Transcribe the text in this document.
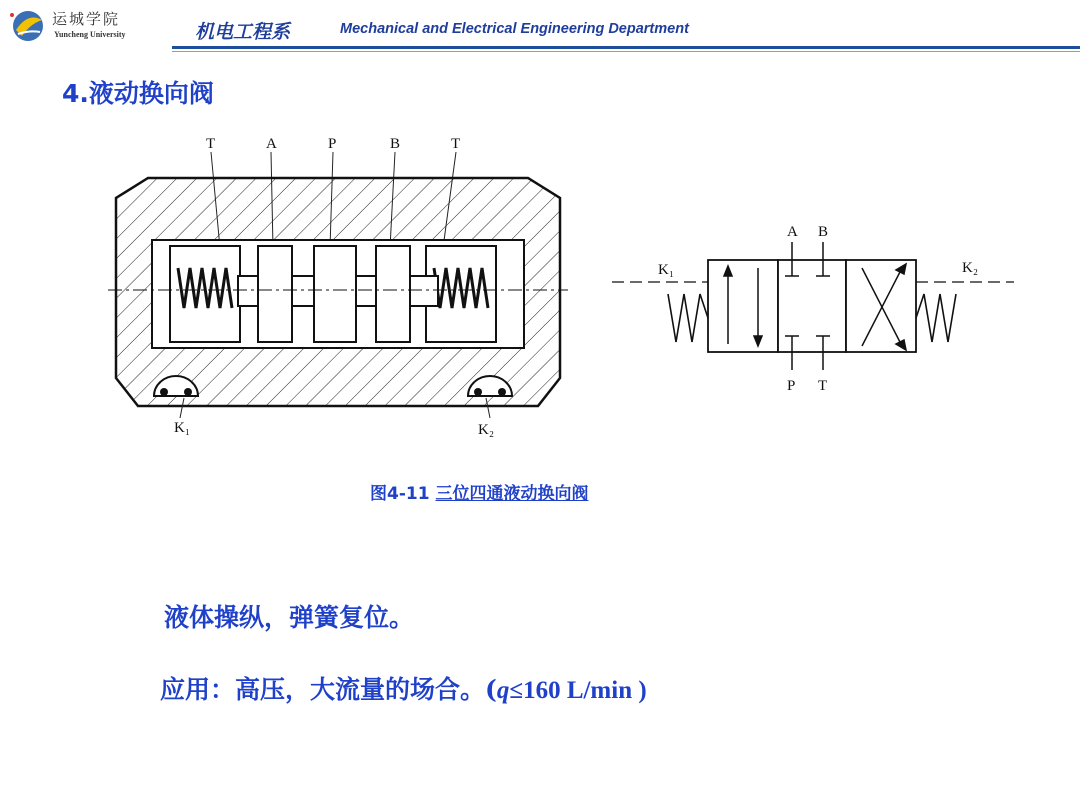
运城学院
Yuncheng University	机电工程系	Mechanical and Electrical Engineering Department
4.液动换向阀
T	A	P	B	T
K₁	K₂
A B
K₁	K₂
P T
图4-11 三位四通液动换向阀
液体操纵，弹簧复位。
应用：高压，大流量的场合。(q≤160 L/min )
